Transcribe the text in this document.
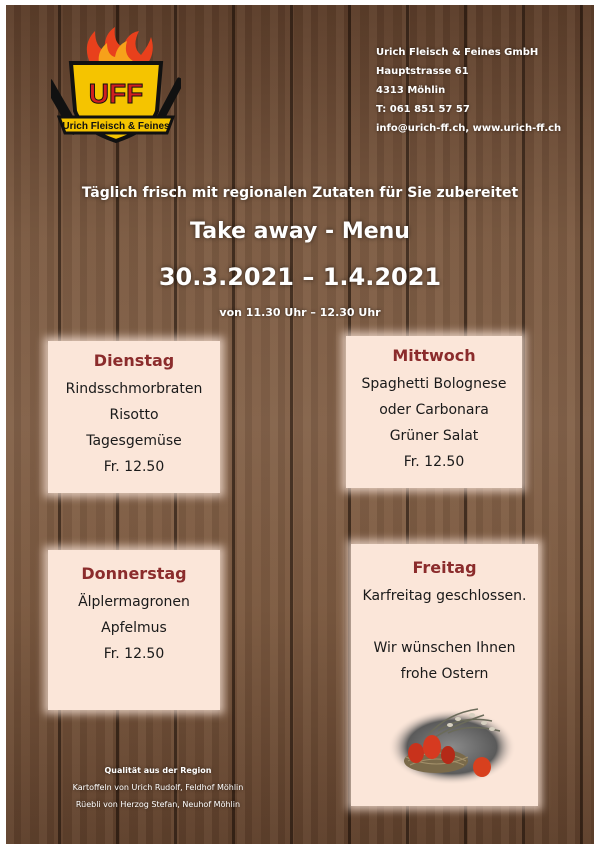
UFF
Urich Fleisch & Feines
Urich Fleisch & Feines GmbH
Hauptstrasse 61
4313 Möhlin
T: 061 851 57 57
info@urich-ff.ch, www.urich-ff.ch
Täglich frisch mit regionalen Zutaten für Sie zubereitet
Take away - Menu
30.3.2021 – 1.4.2021
von 11.30 Uhr – 12.30 Uhr
Dienstag
Rindsschmorbraten
Risotto
Tagesgemüse
Fr. 12.50
Mittwoch
Spaghetti Bolognese
oder Carbonara
Grüner Salat
Fr. 12.50
Donnerstag
Älplermagronen
Apfelmus
Fr. 12.50
Freitag
Karfreitag geschlossen.
Wir wünschen Ihnen
frohe Ostern
Qualität aus der Region
Kartoffeln von Urich Rudolf, Feldhof Möhlin
Rüebli von Herzog Stefan, Neuhof Möhlin
